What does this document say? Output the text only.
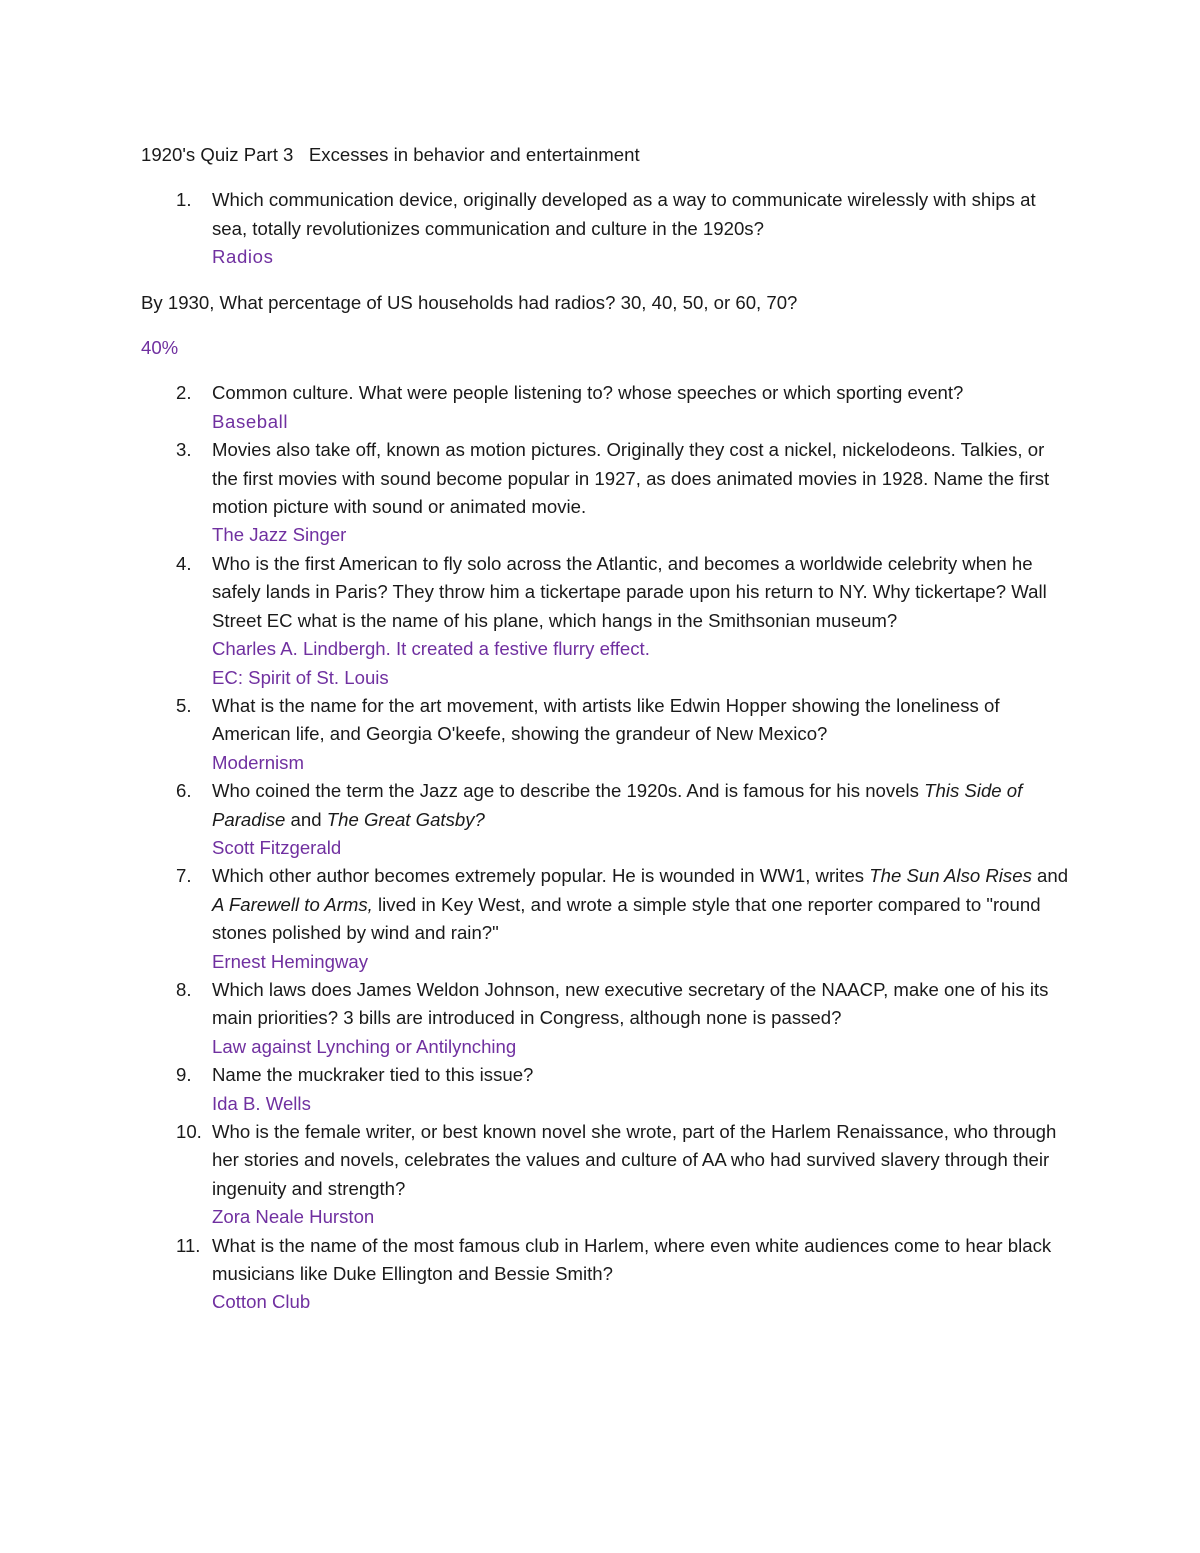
1920's Quiz Part 3   Excesses in behavior and entertainment
1. Which communication device, originally developed as a way to communicate wirelessly with ships at sea, totally revolutionizes communication and culture in the 1920s?
Radios
By 1930, What percentage of US households had radios? 30, 40, 50, or 60, 70?
40%
2. Common culture. What were people listening to? whose speeches or which sporting event?
Baseball
3. Movies also take off, known as motion pictures. Originally they cost a nickel, nickelodeons. Talkies, or the first movies with sound become popular in 1927, as does animated movies in 1928. Name the first motion picture with sound or animated movie.
The Jazz Singer
4. Who is the first American to fly solo across the Atlantic, and becomes a worldwide celebrity when he safely lands in Paris? They throw him a tickertape parade upon his return to NY. Why tickertape? Wall Street EC what is the name of his plane, which hangs in the Smithsonian museum?
Charles A. Lindbergh. It created a festive flurry effect.
EC: Spirit of St. Louis
5. What is the name for the art movement, with artists like Edwin Hopper showing the loneliness of American life, and Georgia O'keefe, showing the grandeur of New Mexico?
Modernism
6. Who coined the term the Jazz age to describe the 1920s. And is famous for his novels This Side of Paradise and The Great Gatsby?
Scott Fitzgerald
7. Which other author becomes extremely popular. He is wounded in WW1, writes The Sun Also Rises and A Farewell to Arms, lived in Key West, and wrote a simple style that one reporter compared to "round stones polished by wind and rain?"
Ernest Hemingway
8. Which laws does James Weldon Johnson, new executive secretary of the NAACP, make one of his its main priorities? 3 bills are introduced in Congress, although none is passed?
Law against Lynching or Antilynching
9. Name the muckraker tied to this issue?
Ida B. Wells
10. Who is the female writer, or best known novel she wrote, part of the Harlem Renaissance, who through her stories and novels, celebrates the values and culture of AA who had survived slavery through their ingenuity and strength?
Zora Neale Hurston
11. What is the name of the most famous club in Harlem, where even white audiences come to hear black musicians like Duke Ellington and Bessie Smith?
Cotton Club
